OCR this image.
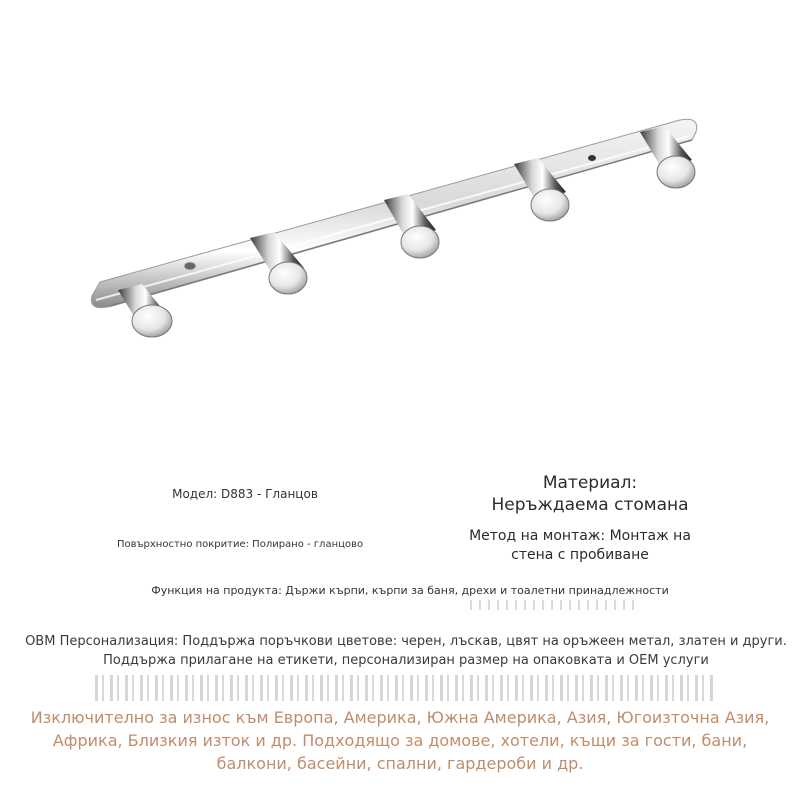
Модел: D883 - Гланцов

Материал:
Неръждаема стомана

Метод на монтаж: Монтаж на стена с пробиване

Повърхностно покритие: Полирано - гланцово

Функция на продукта: Държи кърпи, кърпи за баня, дрехи и тоалетни принадлежности

OBM Персонализация: Поддържа поръчкови цветове: черен, лъскав, цвят на оръжеен метал, златен и други. Поддържа прилагане на етикети, персонализиран размер на опаковката и OEM услуги

Изключително за износ към Европа, Америка, Южна Америка, Азия, Югоизточна Азия, Африка, Близкия изток и др. Подходящо за домове, хотели, къщи за гости, бани, балкони, басейни, спални, гардероби и др.
